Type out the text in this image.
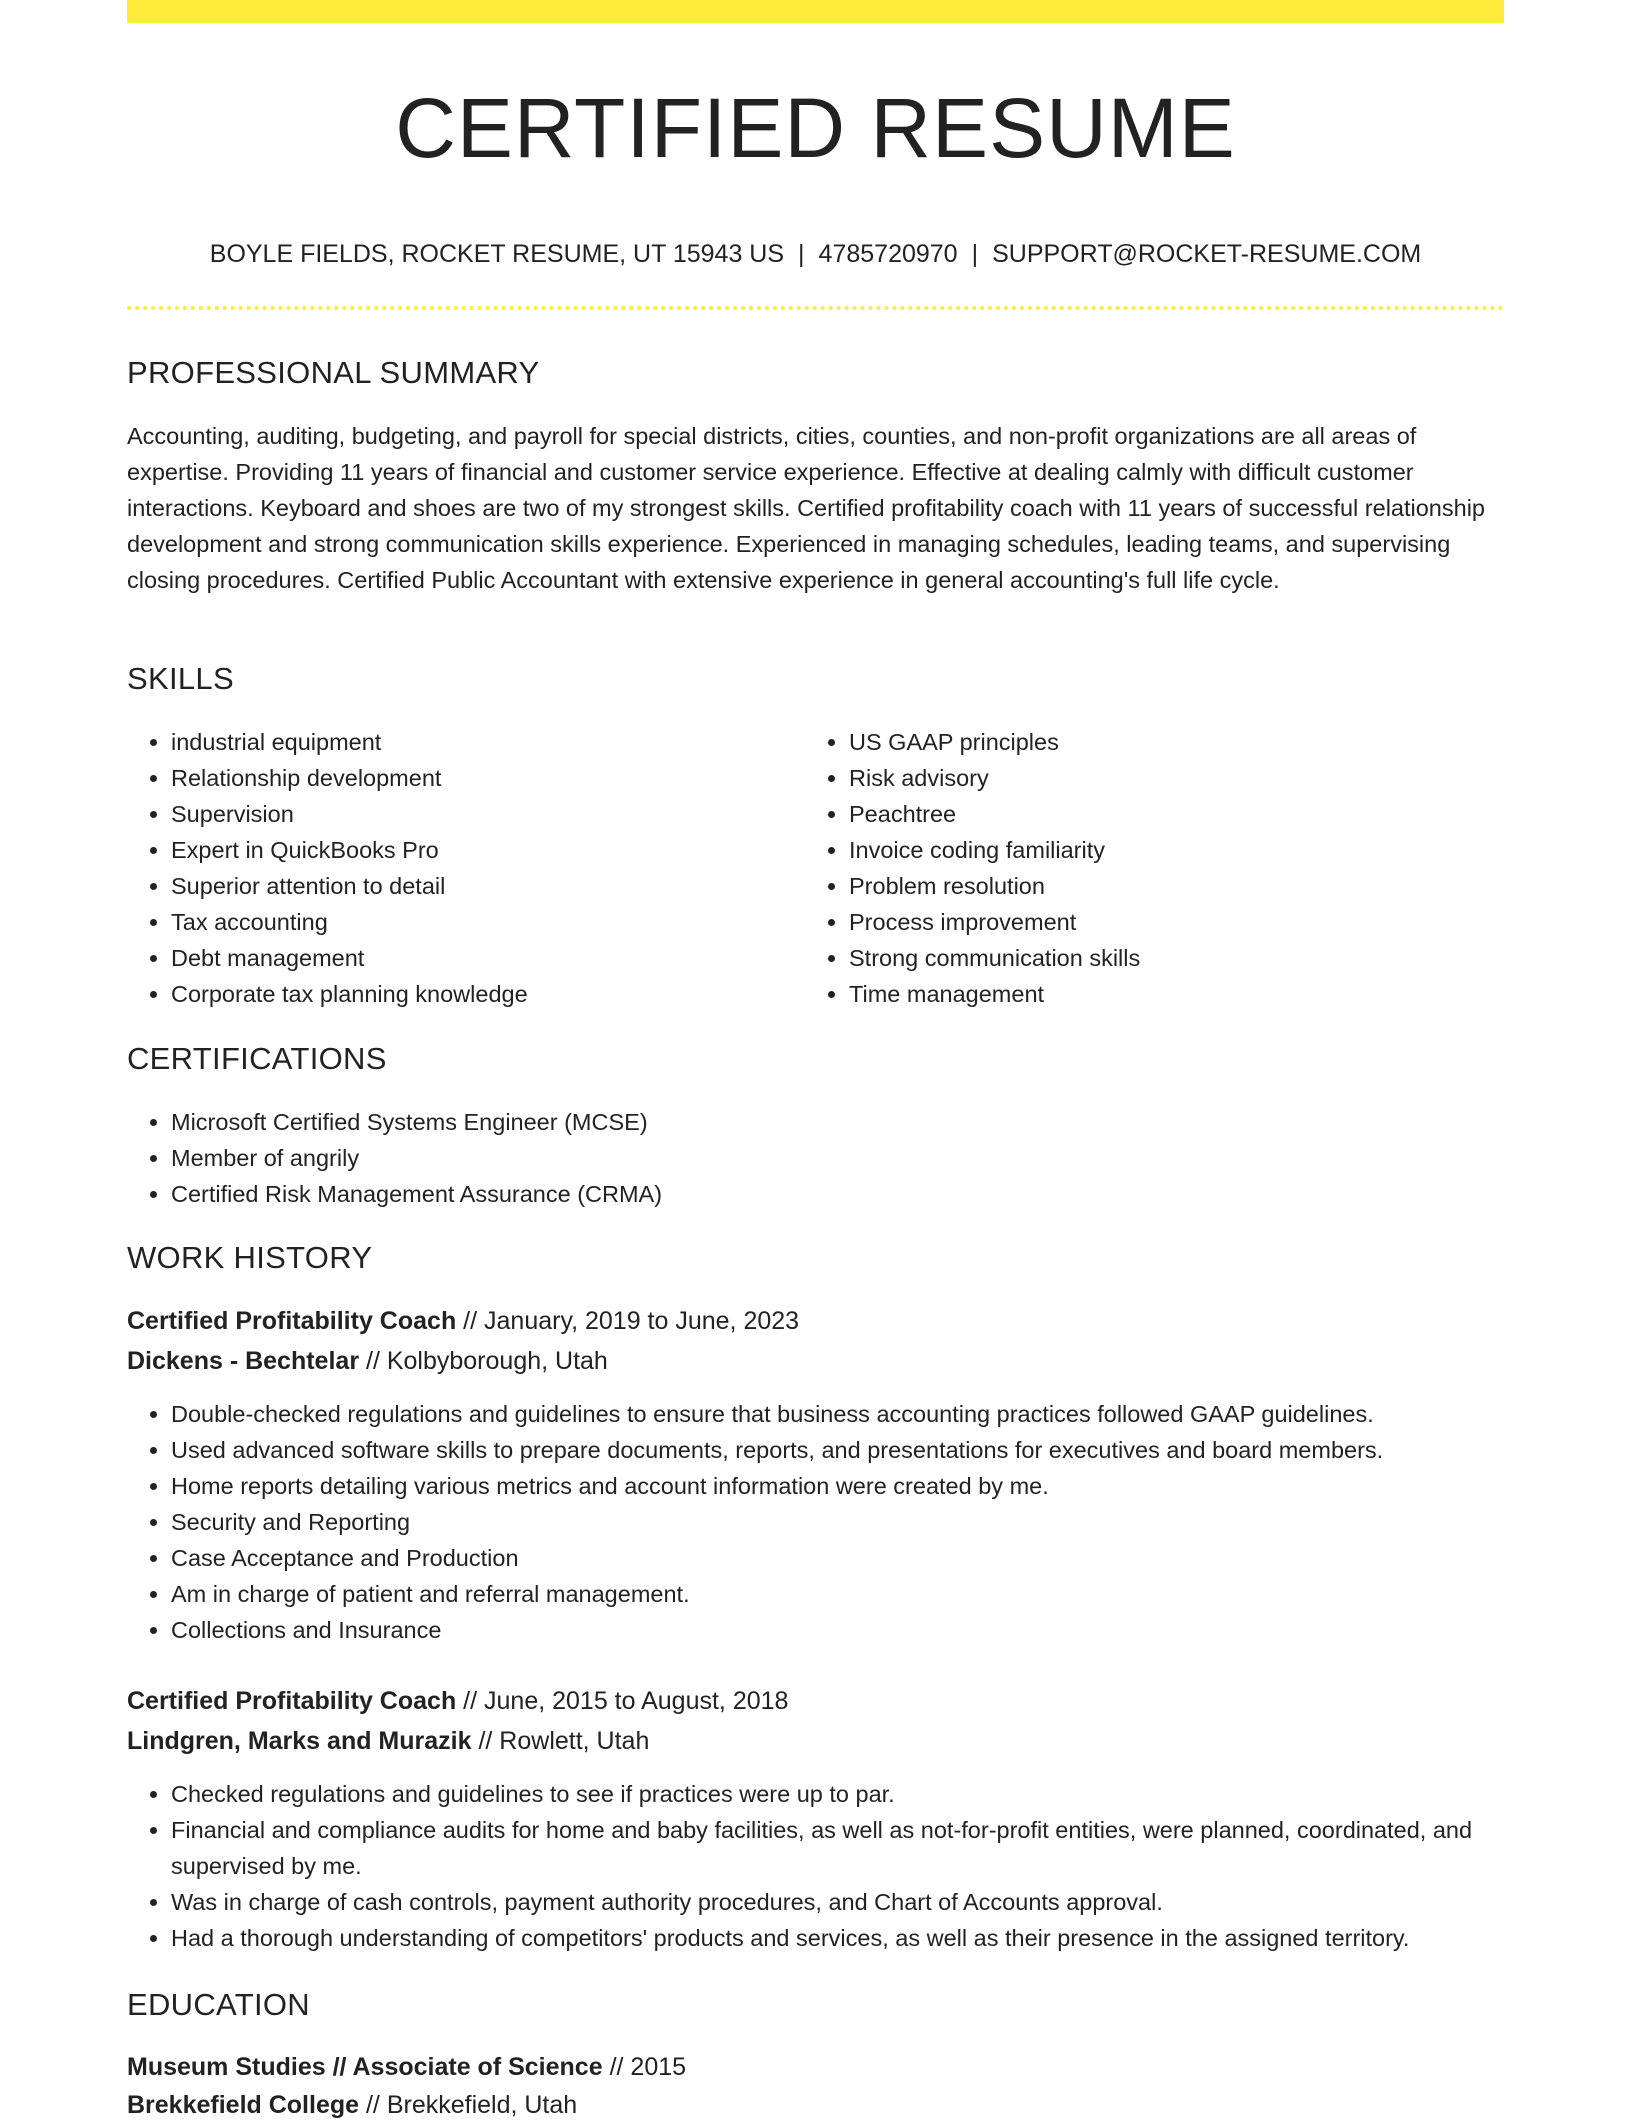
CERTIFIED RESUME
BOYLE FIELDS, ROCKET RESUME, UT 15943 US | 4785720970 | SUPPORT@ROCKET-RESUME.COM
PROFESSIONAL SUMMARY

Accounting, auditing, budgeting, and payroll for special districts, cities, counties, and non-profit organizations are all areas of expertise. Providing 11 years of financial and customer service experience. Effective at dealing calmly with difficult customer interactions. Keyboard and shoes are two of my strongest skills. Certified profitability coach with 11 years of successful relationship development and strong communication skills experience. Experienced in managing schedules, leading teams, and supervising closing procedures. Certified Public Accountant with extensive experience in general accounting's full life cycle.

SKILLS
• industrial equipment
• Relationship development
• Supervision
• Expert in QuickBooks Pro
• Superior attention to detail
• Tax accounting
• Debt management
• Corporate tax planning knowledge
• US GAAP principles
• Risk advisory
• Peachtree
• Invoice coding familiarity
• Problem resolution
• Process improvement
• Strong communication skills
• Time management
CERTIFICATIONS
• Microsoft Certified Systems Engineer (MCSE)
• Member of angrily
• Certified Risk Management Assurance (CRMA)
WORK HISTORY
Certified Profitability Coach // January, 2019 to June, 2023
Dickens - Bechtelar // Kolbyborough, Utah
• Double-checked regulations and guidelines to ensure that business accounting practices followed GAAP guidelines.
• Used advanced software skills to prepare documents, reports, and presentations for executives and board members.
• Home reports detailing various metrics and account information were created by me.
• Security and Reporting
• Case Acceptance and Production
• Am in charge of patient and referral management.
• Collections and Insurance
Certified Profitability Coach // June, 2015 to August, 2018
Lindgren, Marks and Murazik // Rowlett, Utah
• Checked regulations and guidelines to see if practices were up to par.
• Financial and compliance audits for home and baby facilities, as well as not-for-profit entities, were planned, coordinated, and supervised by me.
• Was in charge of cash controls, payment authority procedures, and Chart of Accounts approval.
• Had a thorough understanding of competitors' products and services, as well as their presence in the assigned territory.
EDUCATION
Museum Studies // Associate of Science // 2015
Brekkefield College // Brekkefield, Utah
